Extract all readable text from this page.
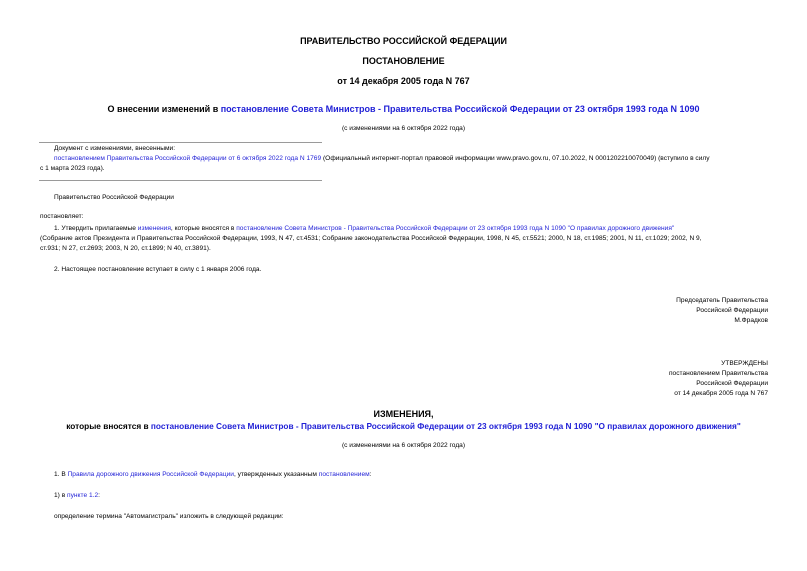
ПРАВИТЕЛЬСТВО РОССИЙСКОЙ ФЕДЕРАЦИИ
ПОСТАНОВЛЕНИЕ
от 14 декабря 2005 года N 767
О внесении изменений в постановление Совета Министров - Правительства Российской Федерации от 23 октября 1993 года N 1090
(с изменениями на 6 октября 2022 года)
Документ с изменениями, внесенными:
постановлением Правительства Российской Федерации от 6 октября 2022 года N 1769 (Официальный интернет-портал правовой информации www.pravo.gov.ru, 07.10.2022, N 0001202210070049) (вступило в силу
с 1 марта 2023 года).
Правительство Российской Федерации
постановляет:
1. Утвердить прилагаемые изменения, которые вносятся в постановление Совета Министров - Правительства Российской Федерации от 23 октября 1993 года N 1090 "О правилах дорожного движения"
(Собрание актов Президента и Правительства Российской Федерации, 1993, N 47, ст.4531; Собрание законодательства Российской Федерации, 1998, N 45, ст.5521; 2000, N 18, ст.1985; 2001, N 11, ст.1029; 2002, N 9,
ст.931; N 27, ст.2693; 2003, N 20, ст.1899; N 40, ст.3891).
2. Настоящее постановление вступает в силу с 1 января 2006 года.
Председатель Правительства
Российской Федерации
М.Фрадков
УТВЕРЖДЕНЫ
постановлением Правительства
Российской Федерации
от 14 декабря 2005 года N 767
ИЗМЕНЕНИЯ,
которые вносятся в постановление Совета Министров - Правительства Российской Федерации от 23 октября 1993 года N 1090 "О правилах дорожного движения"
(с изменениями на 6 октября 2022 года)
1. В Правила дорожного движения Российской Федерации, утвержденных указанным постановлением:
1) в пункте 1.2:
определение термина "Автомагистраль" изложить в следующей редакции:
